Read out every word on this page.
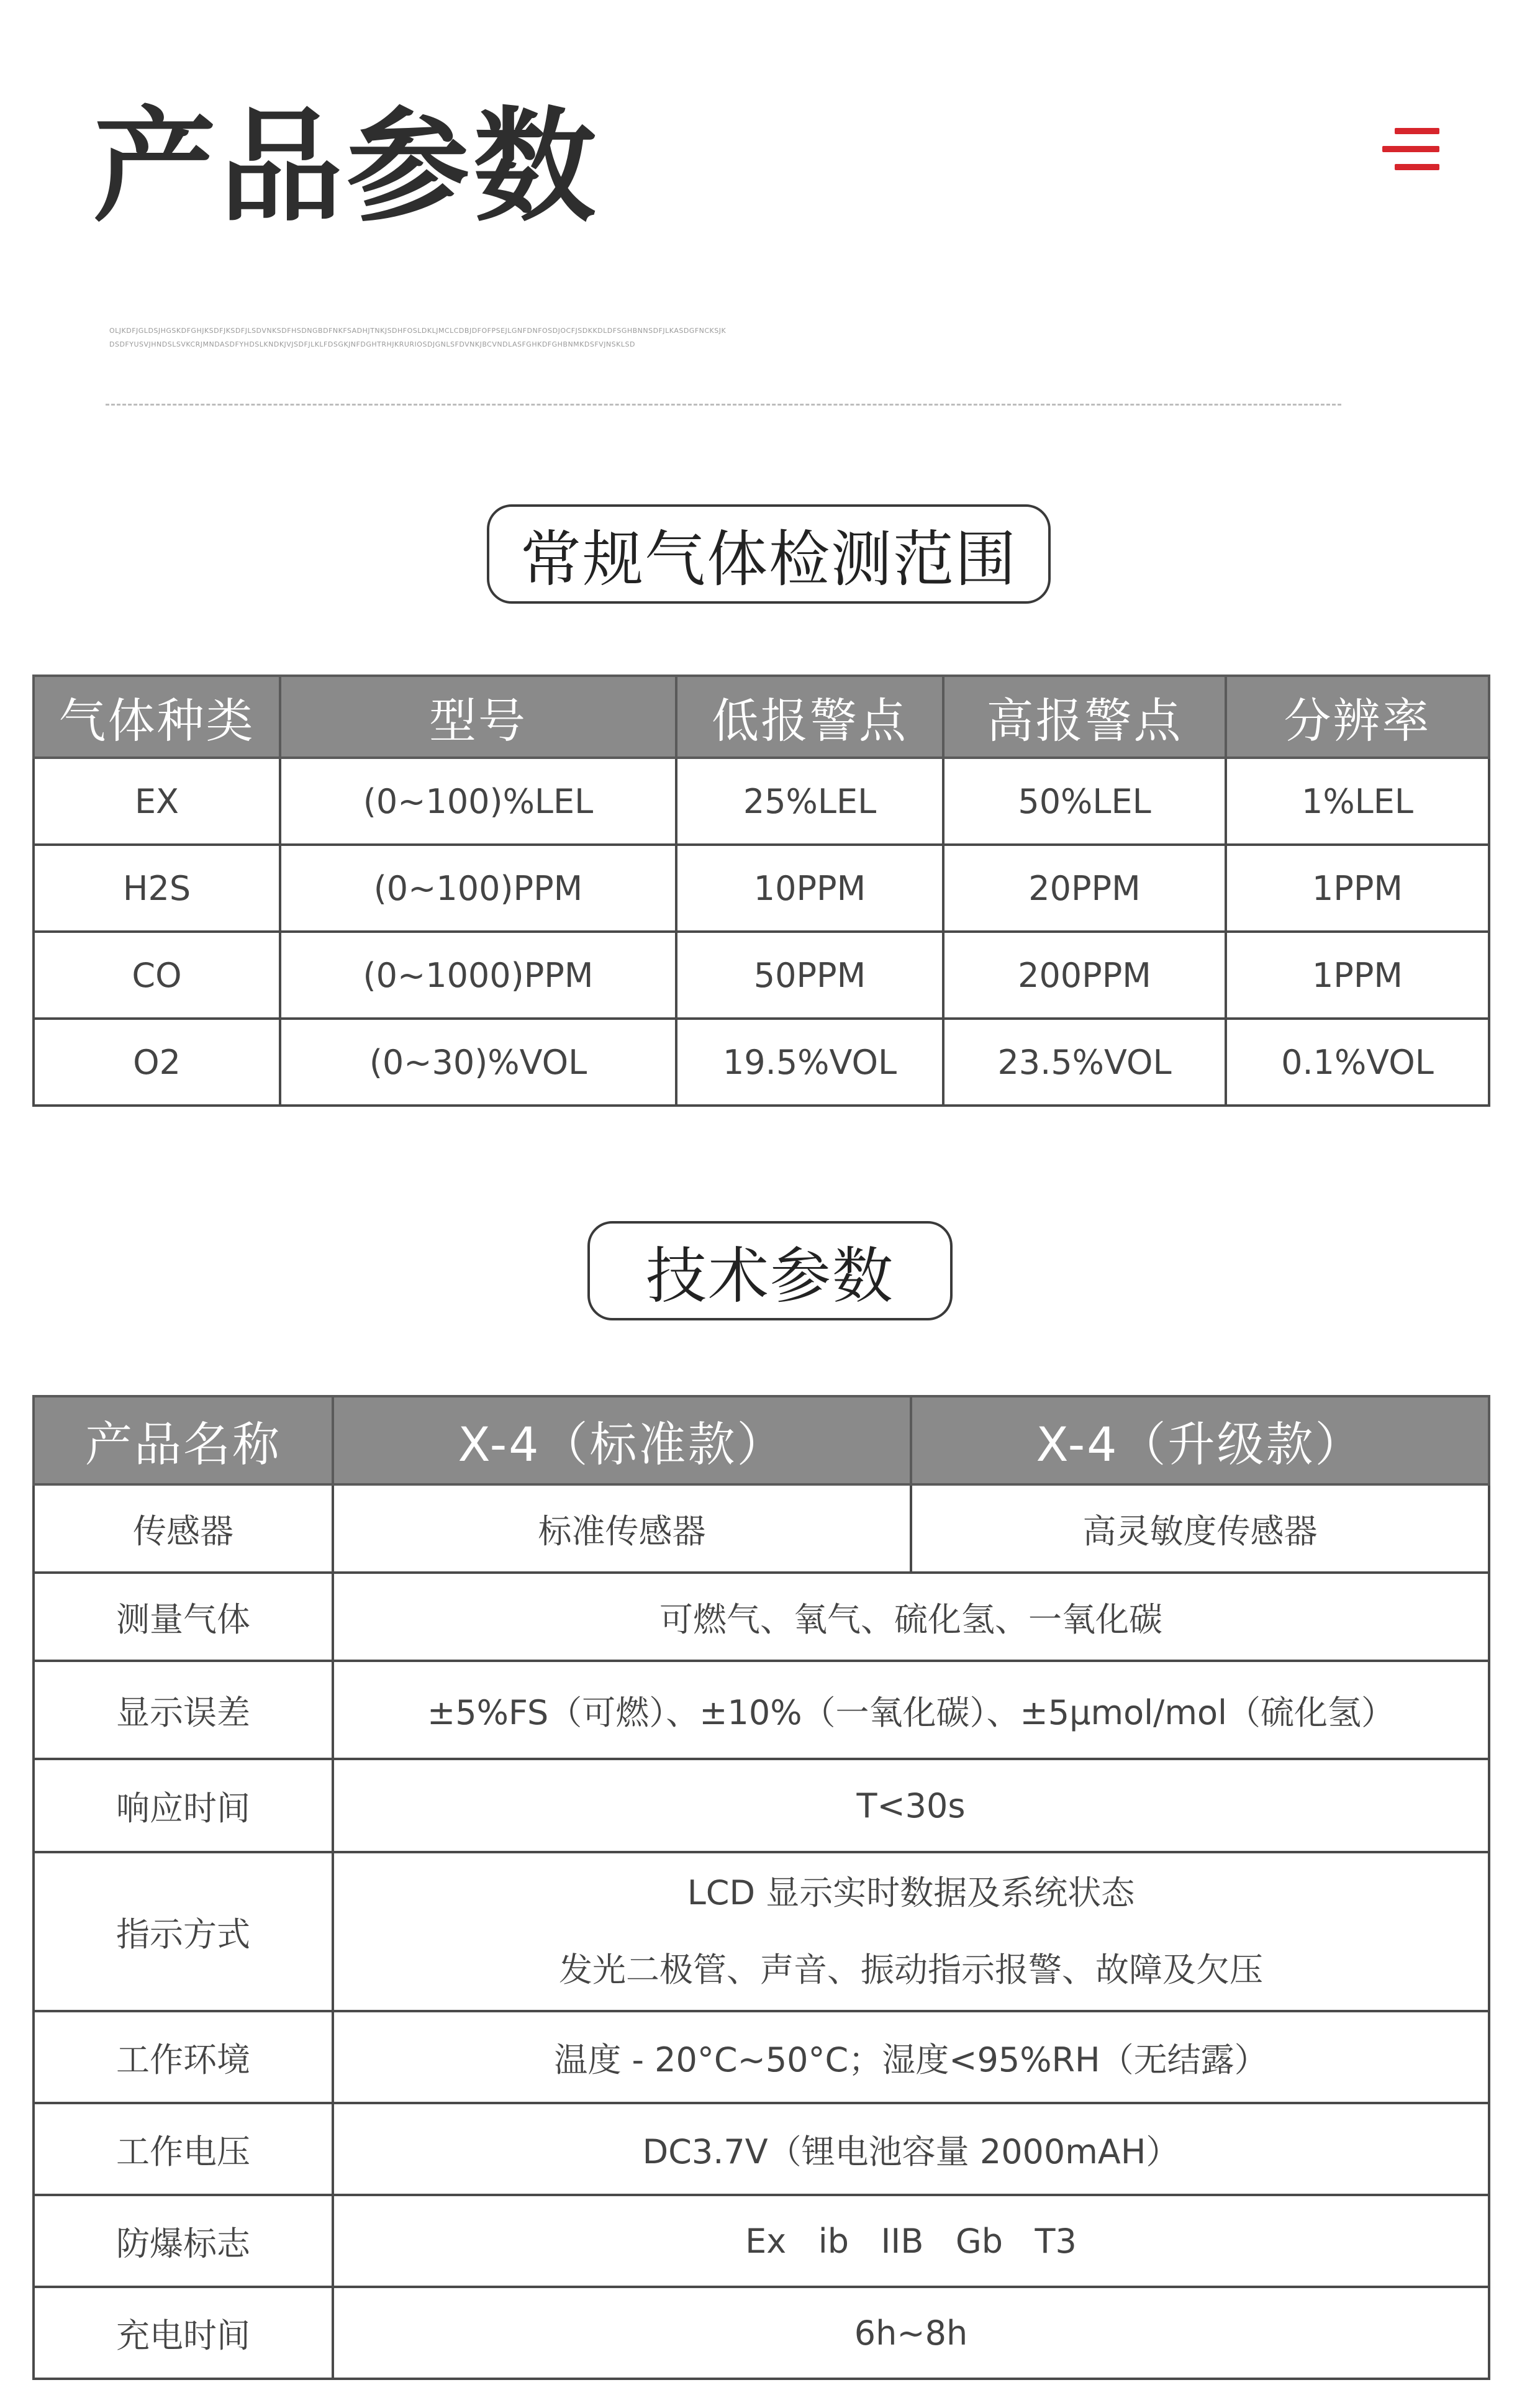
产品参数

OLJKDFJGLDSJHGSKDFGHJKSDFJKSDFJLSDVNKSDFHSDNGBDFNKFSADHJTNKJSDHFOSLDKLJMCLCDBJDFOFPSEJLGNFDNFOSDJOCFJSDKKDLDFSGHBNNSDFJLKASDGFNCKSJKDSDFYUSVJHNDSLSVKCRJMNDASDFYHDSLKNDKJVJSDFJLKLFDSGKJNFDGHTRHJKRURIOSDJGNLSFDVNKJBCVNDLASFGHKDFGHBNMKDSFVJNSKLSD

常规气体检测范围
气体种类	型号	低报警点	高报警点	分辨率
EX	(0~100)%LEL	25%LEL	50%LEL	1%LEL
H2S	(0~100)PPM	10PPM	20PPM	1PPM
CO	(0~1000)PPM	50PPM	200PPM	1PPM
O2	(0~30)%VOL	19.5%VOL	23.5%VOL	0.1%VOL
技术参数
产品名称	X-4（标准款）	X-4（升级款）
传感器	标准传感器	高灵敏度传感器
测量气体	可燃气、氧气、硫化氢、一氧化碳	
显示误差	±5%FS（可燃）、±10%（一氧化碳）、±5μmol/mol（硫化氢）	
响应时间	T<30s	
指示方式	LCD 显示实时数据及系统状态

发光二极管、声音、振动指示报警、故障及欠压	

工作环境	温度 - 20°C~50°C；湿度<95%RH（无结露）	
工作电压	DC3.7V（锂电池容量 2000mAH）	
防爆标志	Ex   ib   IIB   Gb   T3	
充电时间	6h~8h	
